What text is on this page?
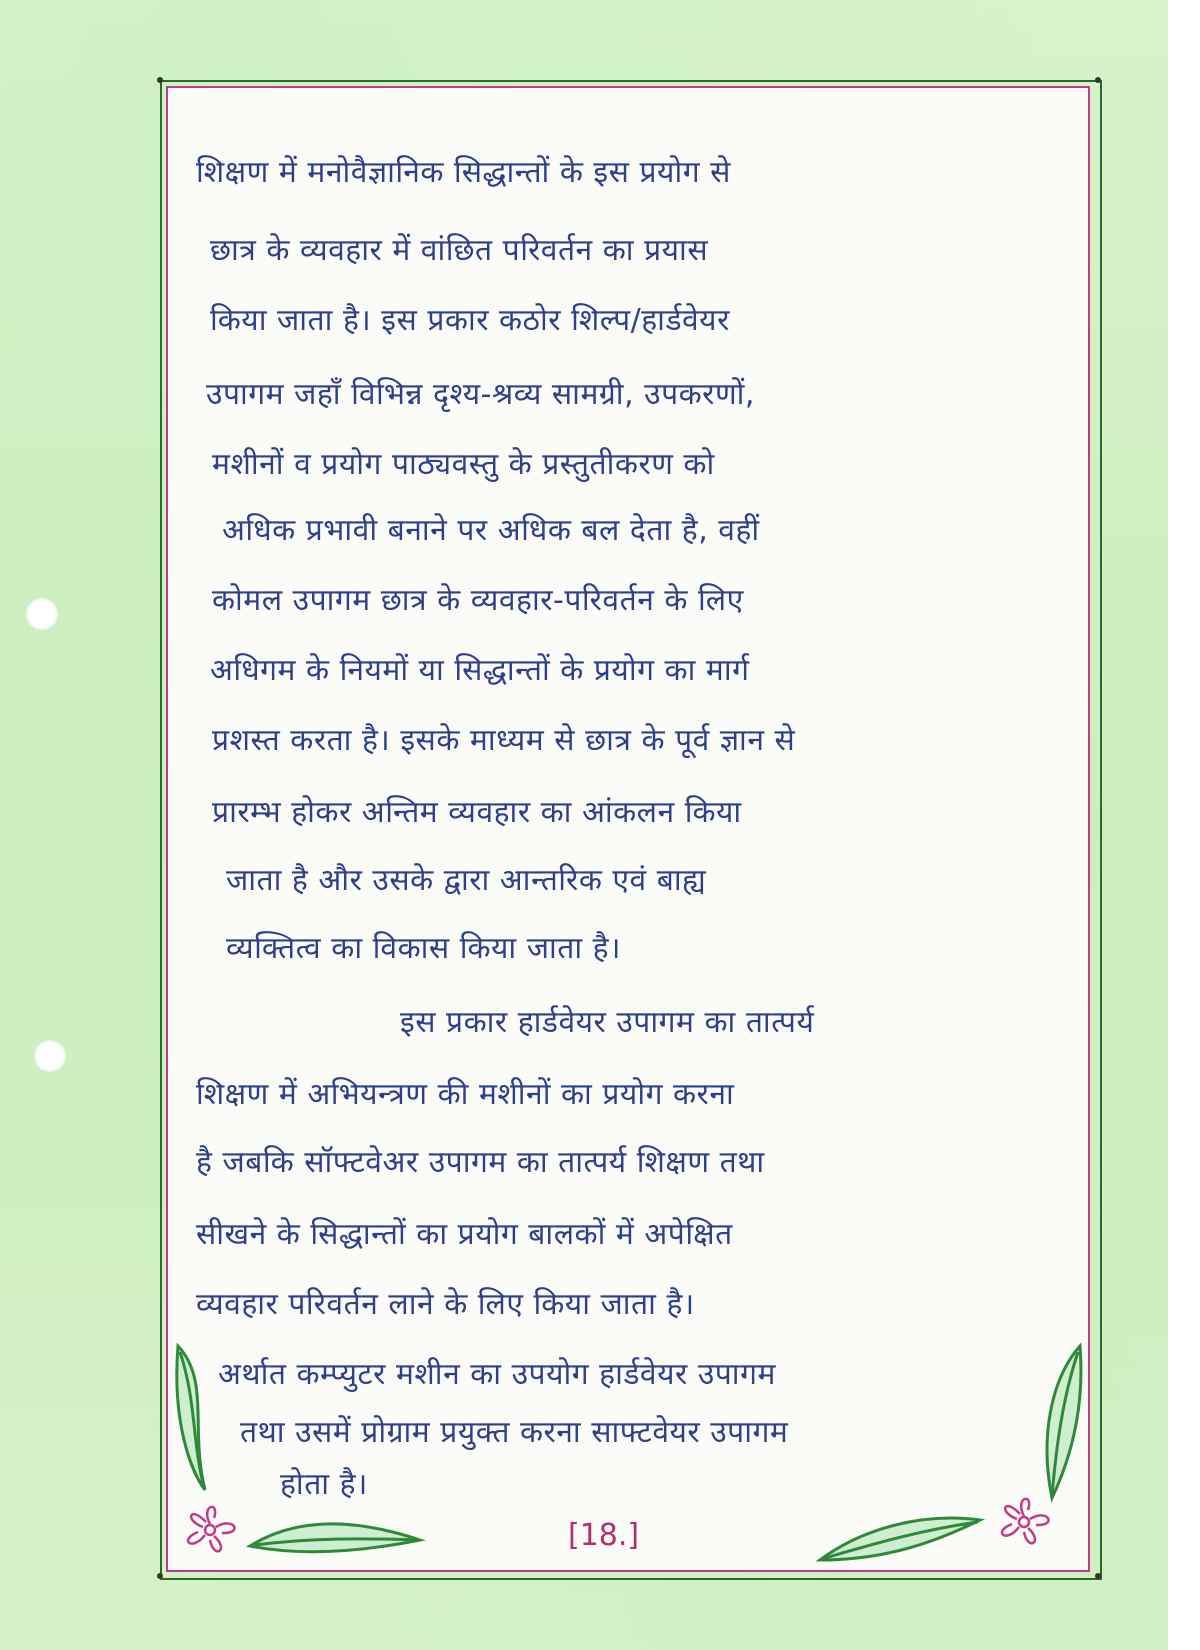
शिक्षण में मनोवैज्ञानिक सिद्धान्तों के इस प्रयोग से
छात्र के व्यवहार में वांछित परिवर्तन का प्रयास
किया जाता है। इस प्रकार कठोर शिल्प/हार्डवेयर
उपागम जहाँ विभिन्न दृश्य-श्रव्य सामग्री, उपकरणों,
मशीनों व प्रयोग पाठ्यवस्तु के प्रस्तुतीकरण को
अधिक प्रभावी बनाने पर अधिक बल देता है, वहीं
कोमल उपागम छात्र के व्यवहार-परिवर्तन के लिए
अधिगम के नियमों या सिद्धान्तों के प्रयोग का मार्ग
प्रशस्त करता है। इसके माध्यम से छात्र के पूर्व ज्ञान से
प्रारम्भ होकर अन्तिम व्यवहार का आंकलन किया
जाता है और उसके द्वारा आन्तरिक एवं बाह्य
व्यक्तित्व का विकास किया जाता है।
इस प्रकार हार्डवेयर उपागम का तात्पर्य
शिक्षण में अभियन्त्रण की मशीनों का प्रयोग करना
है जबकि सॉफ्टवेअर उपागम का तात्पर्य शिक्षण तथा
सीखने के सिद्धान्तों का प्रयोग बालकों में अपेक्षित
व्यवहार परिवर्तन लाने के लिए किया जाता है।
अर्थात कम्प्युटर मशीन का उपयोग हार्डवेयर उपागम
तथा उसमें प्रोग्राम प्रयुक्त करना साफ्टवेयर उपागम
होता है।
[18.]
